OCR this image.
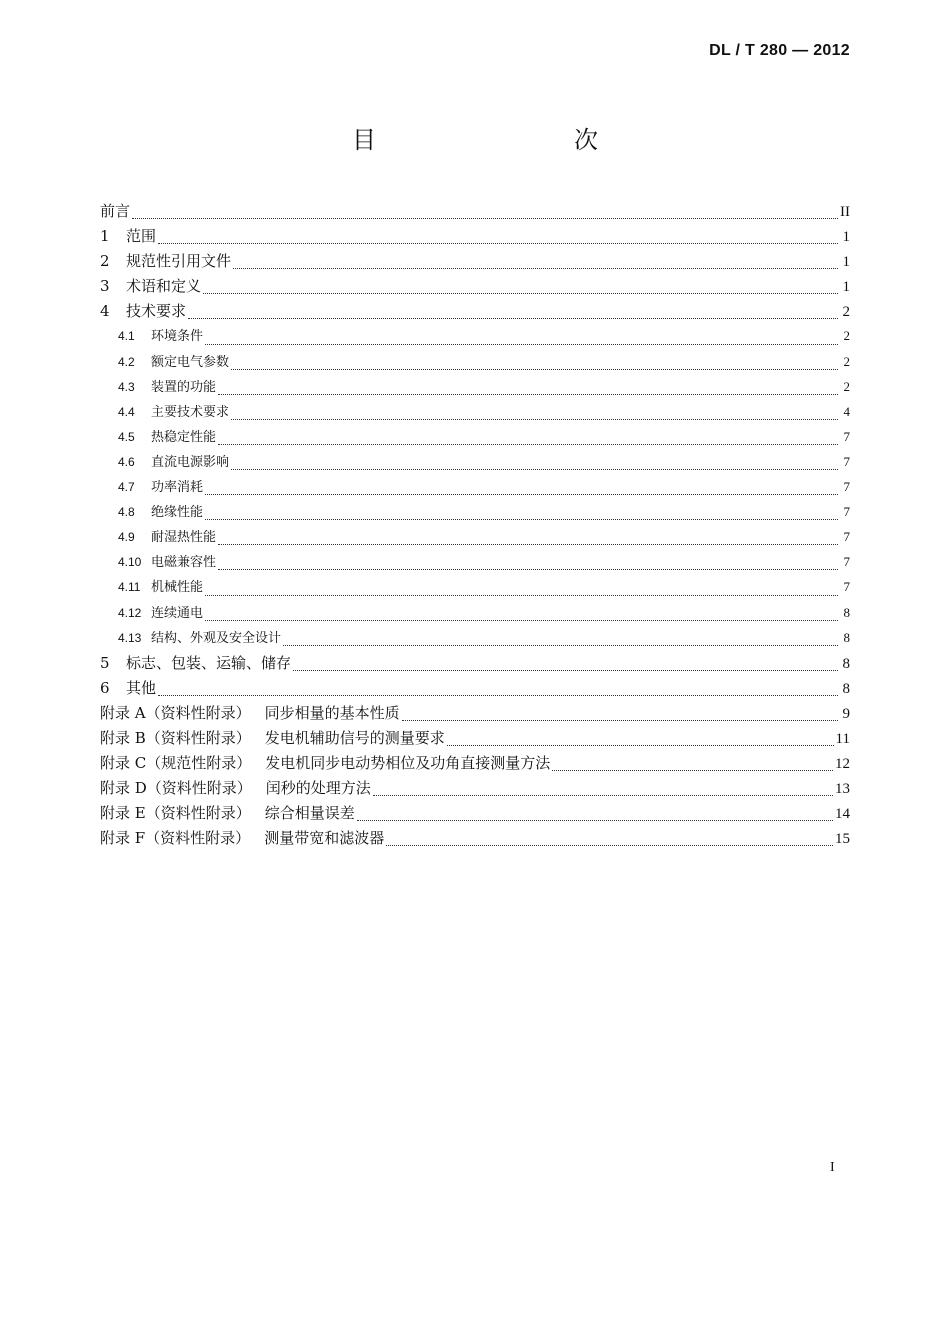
DL / T 280 — 2012
目　　次
前言	II
1	范围	1
2	规范性引用文件	1
3	术语和定义	1
4	技术要求	2
4.1	环境条件	2
4.2	额定电气参数	2
4.3	装置的功能	2
4.4	主要技术要求	4
4.5	热稳定性能	7
4.6	直流电源影响	7
4.7	功率消耗	7
4.8	绝缘性能	7
4.9	耐湿热性能	7
4.10 电磁兼容性	7
4.11 机械性能	7
4.12 连续通电	8
4.13 结构、外观及安全设计	8
5	标志、包装、运输、储存	8
6	其他	8
附录 A（资料性附录） 同步相量的基本性质	9
附录 B（资料性附录） 发电机辅助信号的测量要求	11
附录 C（规范性附录） 发电机同步电动势相位及功角直接测量方法	12
附录 D（资料性附录） 闰秒的处理方法	13
附录 E（资料性附录） 综合相量误差	14
附录 F（资料性附录） 测量带宽和滤波器	15
I
